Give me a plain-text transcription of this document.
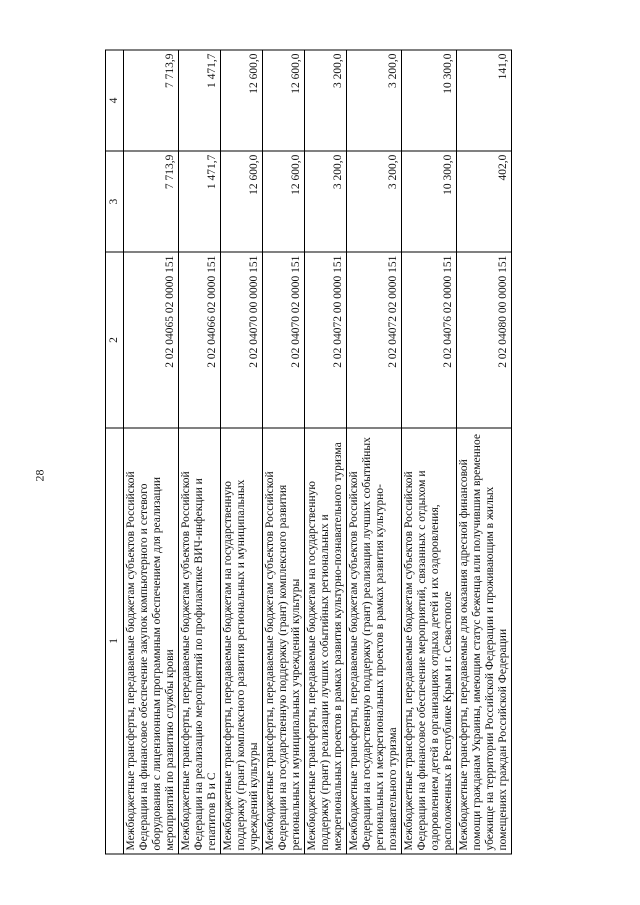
28
1	2	3	4
Межбюджетные трансферты, передаваемые бюджетам субъектов Российской Федерации на финансовое обеспечение закупок компьютерного и сетевого оборудования с лицензионным программным обеспечением для реализации мероприятий по развитию службы крови	2 02 04065 02 0000 151	7 713,9	7 713,9
Межбюджетные трансферты, передаваемые бюджетам субъектов Российской Федерации на реализацию мероприятий по профилактике ВИЧ-инфекции и гепатитов В и С	2 02 04066 02 0000 151	1 471,7	1 471,7
Межбюджетные трансферты, передаваемые бюджетам на государственную поддержку (грант) комплексного развития региональных и муниципальных учреждений культуры	2 02 04070 00 0000 151	12 600,0	12 600,0
Межбюджетные трансферты, передаваемые бюджетам субъектов Российской Федерации на государственную поддержку (грант) комплексного развития региональных и муниципальных учреждений культуры	2 02 04070 02 0000 151	12 600,0	12 600,0
Межбюджетные трансферты, передаваемые бюджетам на государственную поддержку (грант) реализации лучших событийных региональных и межрегиональных проектов в рамках развития культурно-познавательного туризма	2 02 04072 00 0000 151	3 200,0	3 200,0
Межбюджетные трансферты, передаваемые бюджетам субъектов Российской Федерации на государственную поддержку (грант) реализации лучших событийных региональных и межрегиональных проектов в рамках развития культурно-познавательного туризма	2 02 04072 02 0000 151	3 200,0	3 200,0
Межбюджетные трансферты, передаваемые бюджетам субъектов Российской Федерации на финансовое обеспечение мероприятий, связанных с отдыхом и оздоровлением детей в организациях отдыха детей и их оздоровления, расположенных в Республике Крым и г. Севастополе	2 02 04076 02 0000 151	10 300,0	10 300,0
Межбюджетные трансферты, передаваемые для оказания адресной финансовой помощи гражданам Украины, имеющим статус беженца или получившим временное убежище на территории Российской Федерации и проживающим в жилых помещениях граждан Российской Федерации	2 02 04080 00 0000 151	402,0	141,0
